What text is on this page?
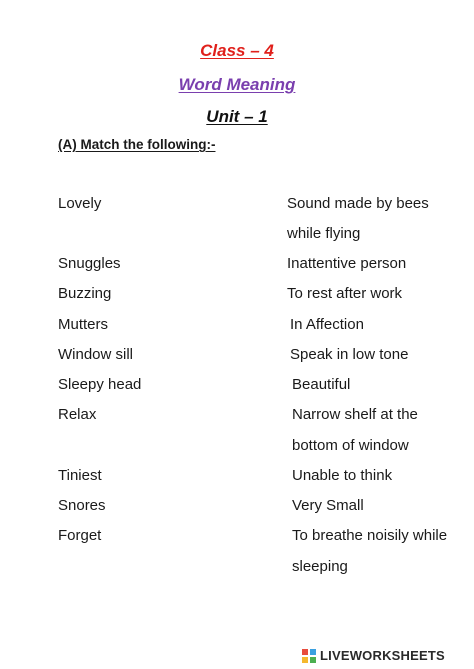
Class – 4
Word Meaning
Unit – 1
(A) Match the following:-
Lovely	Sound made by bees
while flying
Snuggles	Inattentive person
Buzzing	To rest after work
Mutters	In Affection
Window sill	Speak in low tone
Sleepy head	Beautiful
Relax	Narrow shelf at the
bottom of window
Tiniest	Unable to think
Snores	Very Small
Forget	To breathe noisily while
sleeping
LIVEWORKSHEETS
